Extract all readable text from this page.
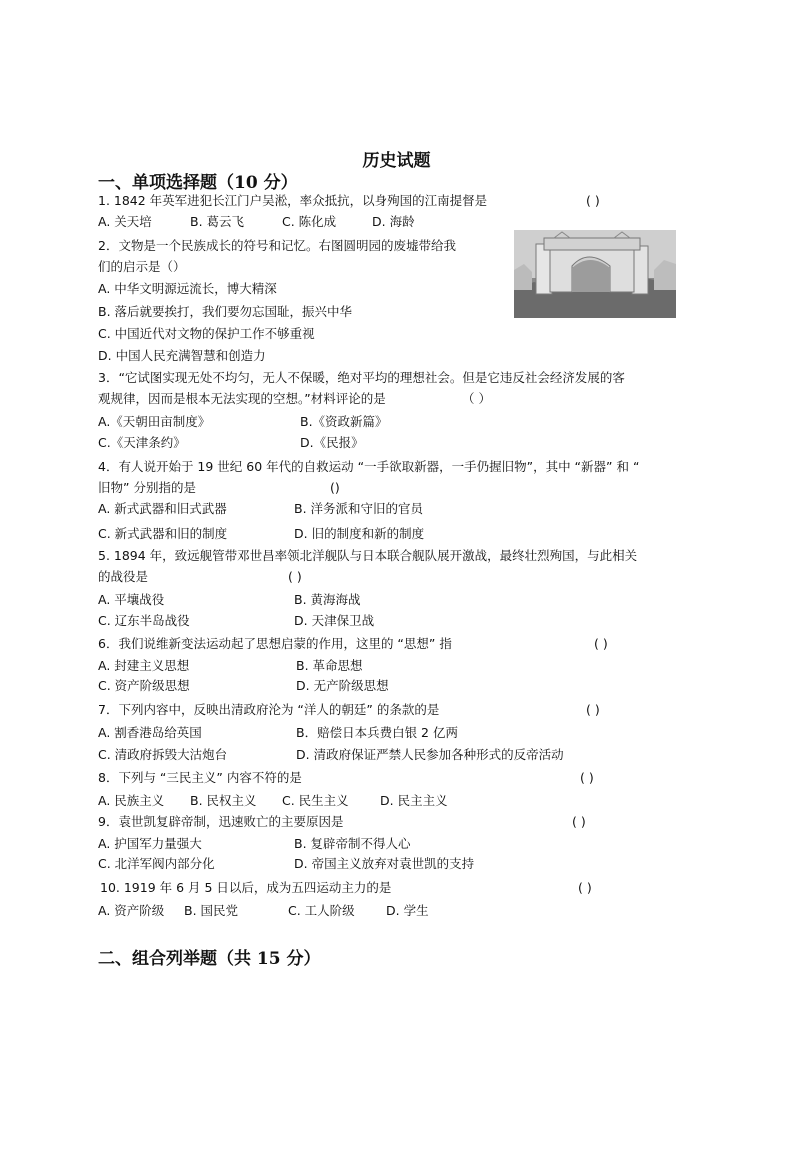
历史试题
一、单项选择题（10 分）
1. 1842 年英军进犯长江门户吴淞，率众抵抗，以身殉国的江南提督是	( )
A. 关天培	B. 葛云飞	C. 陈化成	D. 海龄
2．文物是一个民族成长的符号和记忆。右图圆明园的废墟带给我
们的启示是（）
A. 中华文明源远流长，博大精深
B. 落后就要挨打，我们要勿忘国耻，振兴中华
C. 中国近代对文物的保护工作不够重视
D. 中国人民充满智慧和创造力
3．“它试图实现无处不均匀，无人不保暖，绝对平均的理想社会。但是它违反社会经济发展的客
观规律，因而是根本无法实现的空想。”材料评论的是	（ ）
A.《天朝田亩制度》	B.《资政新篇》
C.《天津条约》	D.《民报》
4．有人说开始于 19 世纪 60 年代的自救运动 “一手欲取新器，一手仍握旧物”，其中 “新器” 和 “
旧物” 分别指的是	()
A. 新式武器和旧式武器	B. 洋务派和守旧的官员
C. 新式武器和旧的制度	D. 旧的制度和新的制度
5. 1894 年，致远舰管带邓世昌率领北洋舰队与日本联合舰队展开激战，最终壮烈殉国，与此相关
的战役是	( )
A. 平壤战役	B. 黄海海战
C. 辽东半岛战役	D. 天津保卫战
6．我们说维新变法运动起了思想启蒙的作用，这里的 “思想” 指	( )
A. 封建主义思想	B. 革命思想
C. 资产阶级思想	D. 无产阶级思想
7．下列内容中，反映出清政府沦为 “洋人的朝廷” 的条款的是	( )
A. 割香港岛给英国	B．赔偿日本兵费白银 2 亿两
C. 清政府拆毁大沽炮台	D. 清政府保证严禁人民参加各种形式的反帝活动
8．下列与 “三民主义” 内容不符的是	( )
A. 民族主义 B. 民权主义 C. 民生主义	D. 民主主义
9．袁世凯复辟帝制，迅速败亡的主要原因是	( )
A. 护国军力量强大	B. 复辟帝制不得人心
C. 北洋军阀内部分化	D. 帝国主义放弃对袁世凯的支持
10. 1919 年 6 月 5 日以后，成为五四运动主力的是	( )
A. 资产阶级 B. 国民党	C. 工人阶级	D. 学生
二、组合列举题（共 15 分）
